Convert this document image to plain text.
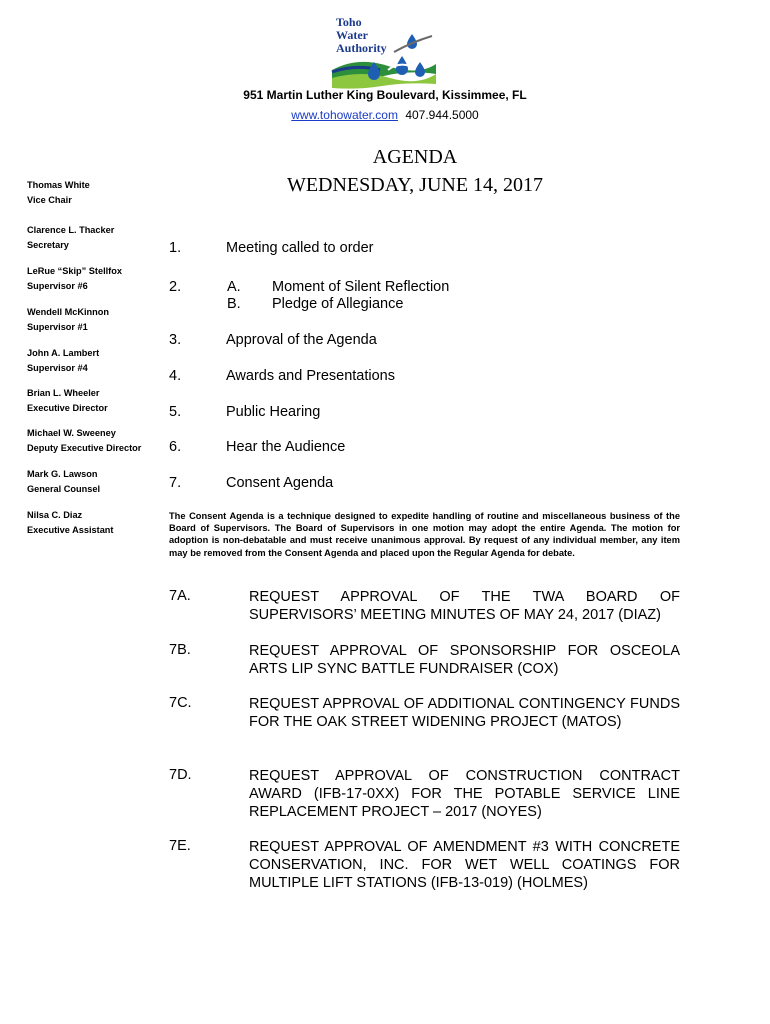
Toho
Water
Authority
951 Martin Luther King Boulevard, Kissimmee, FL
www.tohowater.com 407.944.5000
AGENDA
WEDNESDAY, JUNE 14, 2017
Thomas White
Vice Chair
Clarence L. Thacker
Secretary
LeRue “Skip” Stellfox
Supervisor #6
Wendell McKinnon
Supervisor #1
John A. Lambert
Supervisor #4
Brian L. Wheeler
Executive Director
Michael W. Sweeney
Deputy Executive Director
Mark G. Lawson
General Counsel
Nilsa C. Diaz
Executive Assistant
1.	Meeting called to order
2.	A. Moment of Silent Reflection
B. Pledge of Allegiance
3.	Approval of the Agenda
4.	Awards and Presentations
5.	Public Hearing
6.	Hear the Audience
7.	Consent Agenda
The Consent Agenda is a technique designed to expedite handling of routine and miscellaneous business of the Board of Supervisors. The Board of Supervisors in one motion may adopt the entire Agenda. The motion for adoption is non-debatable and must receive unanimous approval. By request of any individual member, any item may be removed from the Consent Agenda and placed upon the Regular Agenda for debate.
7A.	REQUEST APPROVAL OF THE TWA BOARD OF SUPERVISORS’ MEETING MINUTES OF MAY 24, 2017 (DIAZ)
7B.	REQUEST APPROVAL OF SPONSORSHIP FOR OSCEOLA ARTS LIP SYNC BATTLE FUNDRAISER (COX)
7C.	REQUEST APPROVAL OF ADDITIONAL CONTINGENCY FUNDS FOR THE OAK STREET WIDENING PROJECT (MATOS)
7D.	REQUEST APPROVAL OF CONSTRUCTION CONTRACT AWARD (IFB-17-0XX) FOR THE POTABLE SERVICE LINE REPLACEMENT PROJECT – 2017 (NOYES)
7E.	REQUEST APPROVAL OF AMENDMENT #3 WITH CONCRETE CONSERVATION, INC. FOR WET WELL COATINGS FOR MULTIPLE LIFT STATIONS (IFB-13-019) (HOLMES)
